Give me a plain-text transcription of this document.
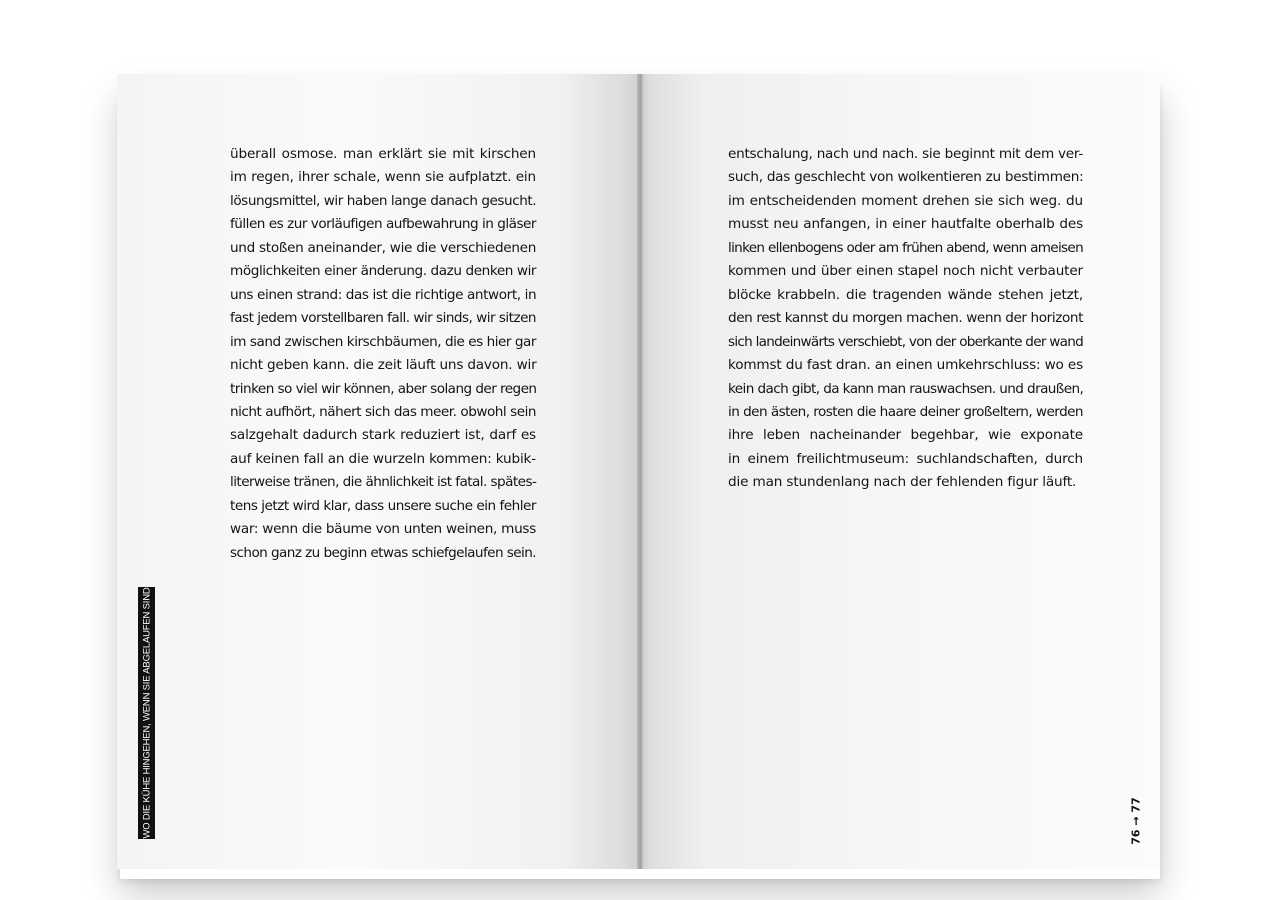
überall osmose. man erklärt sie mit kirschen
im regen, ihrer schale, wenn sie aufplatzt. ein
lösungsmittel, wir haben lange danach gesucht.
füllen es zur vorläufigen aufbewahrung in gläser
und stoßen aneinander, wie die verschiedenen
möglichkeiten einer änderung. dazu denken wir
uns einen strand: das ist die richtige antwort, in
fast jedem vorstellbaren fall. wir sinds, wir sitzen
im sand zwischen kirschbäumen, die es hier gar
nicht geben kann. die zeit läuft uns davon. wir
trinken so viel wir können, aber solang der regen
nicht aufhört, nähert sich das meer. obwohl sein
salzgehalt dadurch stark reduziert ist, darf es
auf keinen fall an die wurzeln kommen: kubik-
literweise tränen, die ähnlichkeit ist fatal. spätes-
tens jetzt wird klar, dass unsere suche ein fehler
war: wenn die bäume von unten weinen, muss
schon ganz zu beginn etwas schiefgelaufen sein.
WO DIE KÜHE HINGEHEN, WENN SIE ABGELAUFEN SIND
entschalung, nach und nach. sie beginnt mit dem ver-
such, das geschlecht von wolkentieren zu bestimmen:
im entscheidenden moment drehen sie sich weg. du
musst neu anfangen, in einer hautfalte oberhalb des
linken ellenbogens oder am frühen abend, wenn ameisen
kommen und über einen stapel noch nicht verbauter
blöcke krabbeln. die tragenden wände stehen jetzt,
den rest kannst du morgen machen. wenn der horizont
sich landeinwärts verschiebt, von der oberkante der wand
kommst du fast dran. an einen umkehrschluss: wo es
kein dach gibt, da kann man rauswachsen. und draußen,
in den ästen, rosten die haare deiner großeltern, werden
ihre leben nacheinander begehbar, wie exponate
in einem freilichtmuseum: suchlandschaften, durch
die man stundenlang nach der fehlenden figur läuft.
76 → 77
